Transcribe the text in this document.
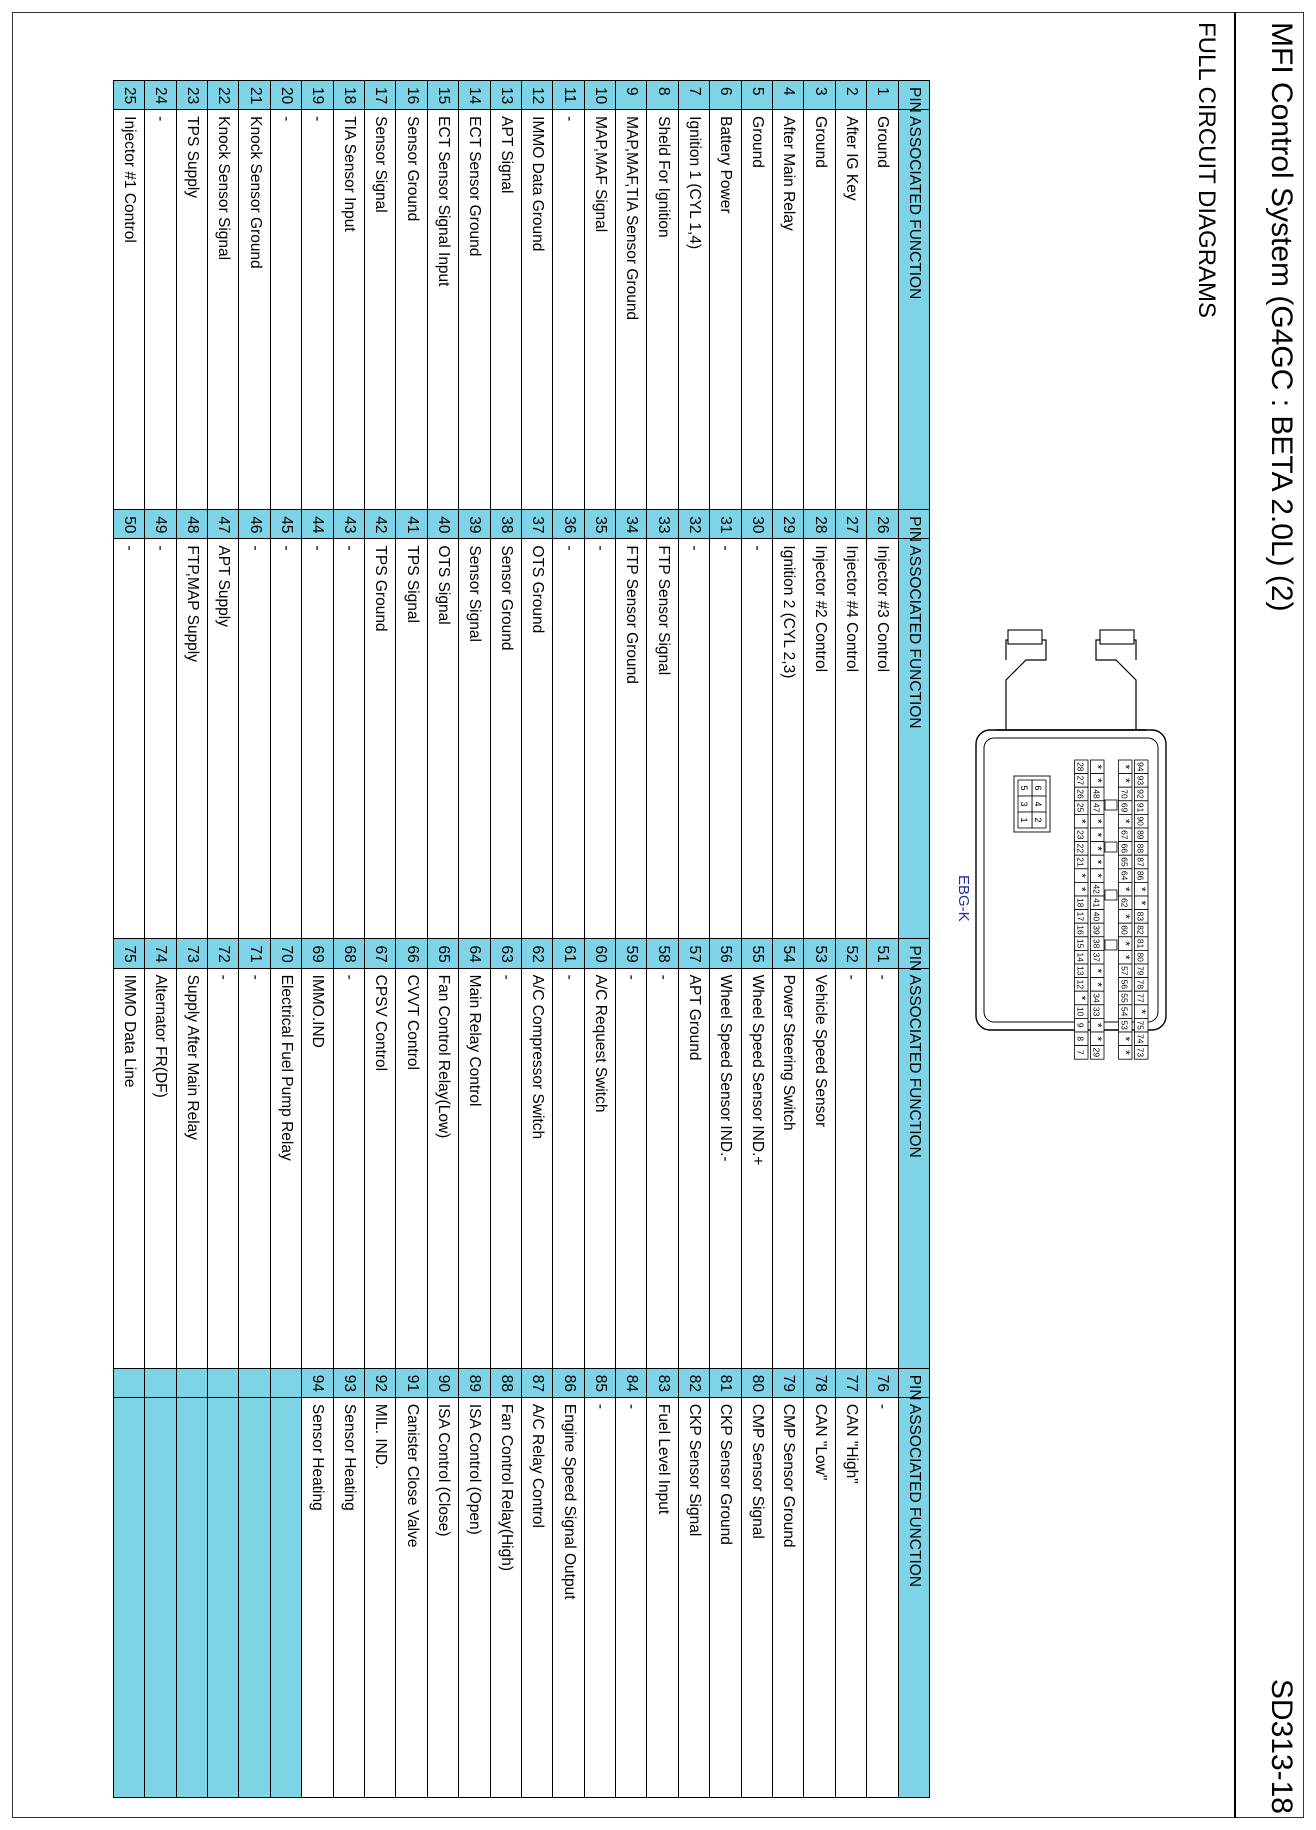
MFI Control System (G4GC : BETA 2.0L) (2)
SD313-18
FULL CIRCUIT DIAGRAMS
94
93
92
91
90
89
88
87
86
*
*
83
82
81
80
79
78
77
*
75
74
73
*
*
70
69
*
67
66
65
64
*
62
*
60
*
*
57
56
55
54
53
*
*
*
*
48
47
*
*
*
*
*
42
41
40
39
38
37
*
*
34
33
*
*
29
28
27
26
25
*
23
22
21
*
*
18
17
16
15
14
13
12
*
10
9
8
7
6
5
4
3
2
1
EBG-K
PIN	ASSOCIATED FUNCTION	PIN	ASSOCIATED FUNCTION	PIN	ASSOCIATED FUNCTION	PIN	ASSOCIATED FUNCTION
1	Ground	26	Injector #3 Control	51	-	76	-
2	After IG Key	27	Injector #4 Control	52	-	77	CAN "High"
3	Ground	28	Injector #2 Control	53	Vehicle Speed Sensor	78	CAN "Low"
4	After Main Relay	29	Ignition 2 (CYL 2,3)	54	Power Steering Switch	79	CMP Sensor Ground
5	Ground	30	-	55	Wheel Speed Sensor IND.+	80	CMP Sensor Signal
6	Battery Power	31	-	56	Wheel Speed Sensor IND.-	81	CKP Sensor Ground
7	Ignition 1 (CYL 1,4)	32	-	57	APT Ground	82	CKP Sensor Signal
8	Sheld For Ignition	33	FTP Sensor Signal	58	-	83	Fuel Level Input
9	MAP,MAF,TIA Sensor Ground	34	FTP Sensor Ground	59	-	84	-
10	MAP,MAF Signal	35	-	60	A/C Request Switch	85	-
11	-	36	-	61	-	86	Engine Speed Signal Output
12	IMMO Data Ground	37	OTS Ground	62	A/C Compressor Switch	87	A/C Relay Control
13	APT Signal	38	Sensor Ground	63	-	88	Fan Control Relay(High)
14	ECT Sensor Ground	39	Sensor Signal	64	Main Relay Control	89	ISA Control (Open)
15	ECT Sensor Signal Input	40	OTS Signal	65	Fan Control Relay(Low)	90	ISA Control (Close)
16	Sensor Ground	41	TPS Signal	66	CVVT Control	91	Canister Close Valve
17	Sensor Signal	42	TPS Ground	67	CPSV Control	92	MIL. IND.
18	TIA Sensor Input	43	-	68	-	93	Sensor Heating
19	-	44	-	69	IMMO.IND	94	Sensor Heating
20	-	45	-	70	Electrical Fuel Pump Relay		
21	Knock Sensor Ground	46	-	71	-		
22	Knock Sensor Signal	47	APT Supply	72	-		
23	TPS Supply	48	FTP,MAP Supply	73	Supply After Main Relay		
24	-	49	-	74	Alternator FR(DF)		
25	Injector #1 Control	50	-	75	IMMO Data Line		
